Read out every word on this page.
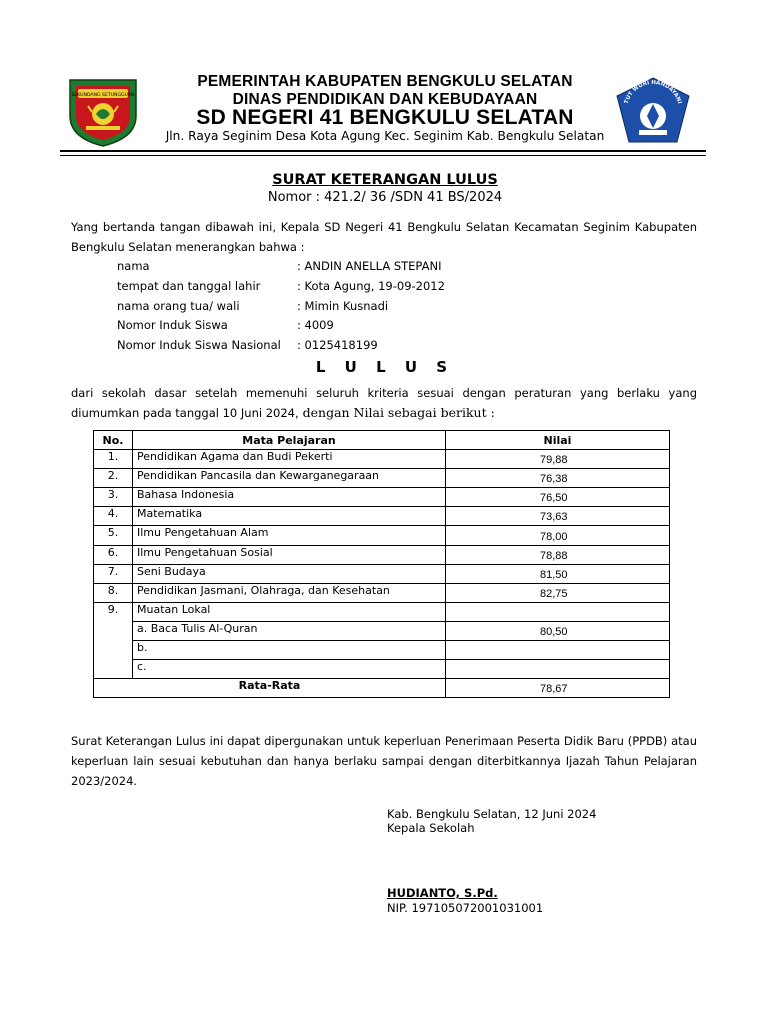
SEKUNDANG SETUNGGUAN
TUT WURI HANDAYANI
PEMERINTAH KABUPATEN BENGKULU SELATAN
DINAS PENDIDIKAN DAN KEBUDAYAAN
SD NEGERI 41 BENGKULU SELATAN
Jln. Raya Seginim Desa Kota Agung Kec. Seginim Kab. Bengkulu Selatan
SURAT KETERANGAN LULUS
Nomor : 421.2/ 36 /SDN 41 BS/2024
Yang bertanda tangan dibawah ini, Kepala SD Negeri 41 Bengkulu Selatan Kecamatan Seginim Kabupaten Bengkulu Selatan menerangkan bahwa :
nama	: ANDIN ANELLA STEPANI
tempat dan tanggal lahir	: Kota Agung, 19-09-2012
nama orang tua/ wali	: Mimin Kusnadi
Nomor Induk Siswa	: 4009
Nomor Induk Siswa Nasional : 0125418199
L U L U S
dari sekolah dasar setelah memenuhi seluruh kriteria sesuai dengan peraturan yang berlaku yang diumumkan pada tanggal 10 Juni 2024, dengan Nilai sebagai berikut :
No.	Mata Pelajaran	Nilai
1.	Pendidikan Agama dan Budi Pekerti	79,88
2.	Pendidikan Pancasila dan Kewarganegaraan	76,38
3.	Bahasa Indonesia	76,50
4.	Matematika	73,63
5.	Ilmu Pengetahuan Alam	78,00
6.	Ilmu Pengetahuan Sosial	78,88
7.	Seni Budaya	81,50
8.	Pendidikan Jasmani, Olahraga, dan Kesehatan	82,75
9.	Muatan Lokal	
	a. Baca Tulis Al-Quran	80,50
	b.	
	c.	
Rata-Rata		78,67
Surat Keterangan Lulus ini dapat dipergunakan untuk keperluan Penerimaan Peserta Didik Baru (PPDB) atau keperluan lain sesuai kebutuhan dan hanya berlaku sampai dengan diterbitkannya Ijazah Tahun Pelajaran 2023/2024.
Kab. Bengkulu Selatan, 12 Juni 2024
Kepala Sekolah
HUDIANTO, S.Pd.
NIP. 197105072001031001
